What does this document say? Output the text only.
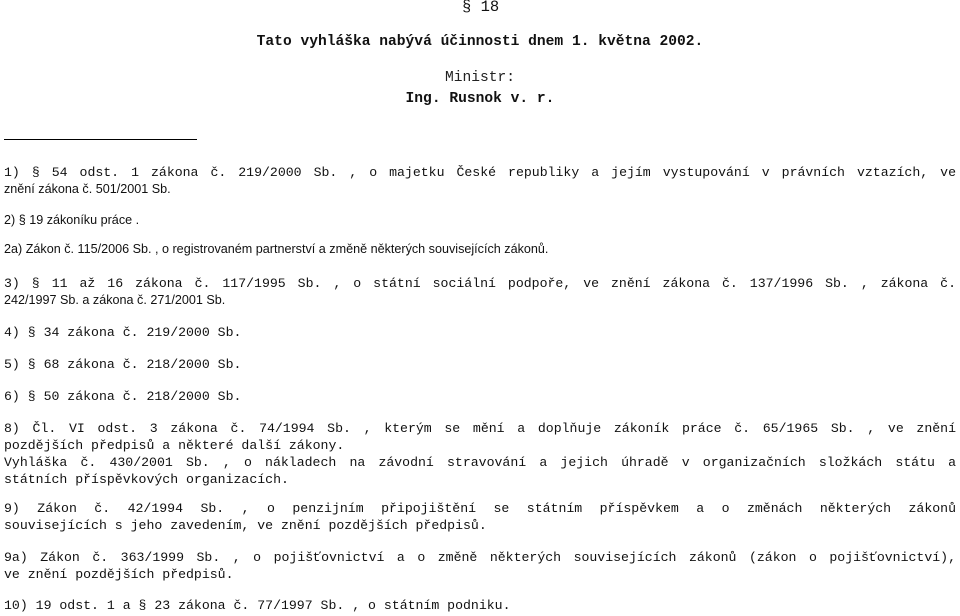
§ 18
Tato vyhláška nabývá účinnosti dnem 1. května 2002.
Ministr:
Ing. Rusnok v. r.

1) § 54 odst. 1 zákona č. 219/2000 Sb. , o majetku České republiky a jejím vystupování v právních vztazích, ve
znění zákona č. 501/2001 Sb.

2) § 19 zákoníku práce .

2a) Zákon č. 115/2006 Sb. , o registrovaném partnerství a změně některých souvisejících zákonů.

3) § 11 až 16 zákona č. 117/1995 Sb. , o státní sociální podpoře, ve znění zákona č. 137/1996 Sb. , zákona č.
242/1997 Sb. a zákona č. 271/2001 Sb.

4) § 34 zákona č. 219/2000 Sb.

5) § 68 zákona č. 218/2000 Sb.

6) § 50 zákona č. 218/2000 Sb.

8) Čl. VI odst. 3 zákona č. 74/1994 Sb. , kterým se mění a doplňuje zákoník práce č. 65/1965 Sb. , ve znění
pozdějších předpisů a některé další zákony.
Vyhláška č. 430/2001 Sb. , o nákladech na závodní stravování a jejich úhradě v organizačních složkách státu a
státních příspěvkových organizacích.

9) Zákon č. 42/1994 Sb. , o penzijním připojištění se státním příspěvkem a o změnách některých zákonů
souvisejících s jeho zavedením, ve znění pozdějších předpisů.

9a) Zákon č. 363/1999 Sb. , o pojišťovnictví a o změně některých souvisejících zákonů (zákon o pojišťovnictví),
ve znění pozdějších předpisů.

10) 19 odst. 1 a § 23 zákona č. 77/1997 Sb. , o státním podniku.
